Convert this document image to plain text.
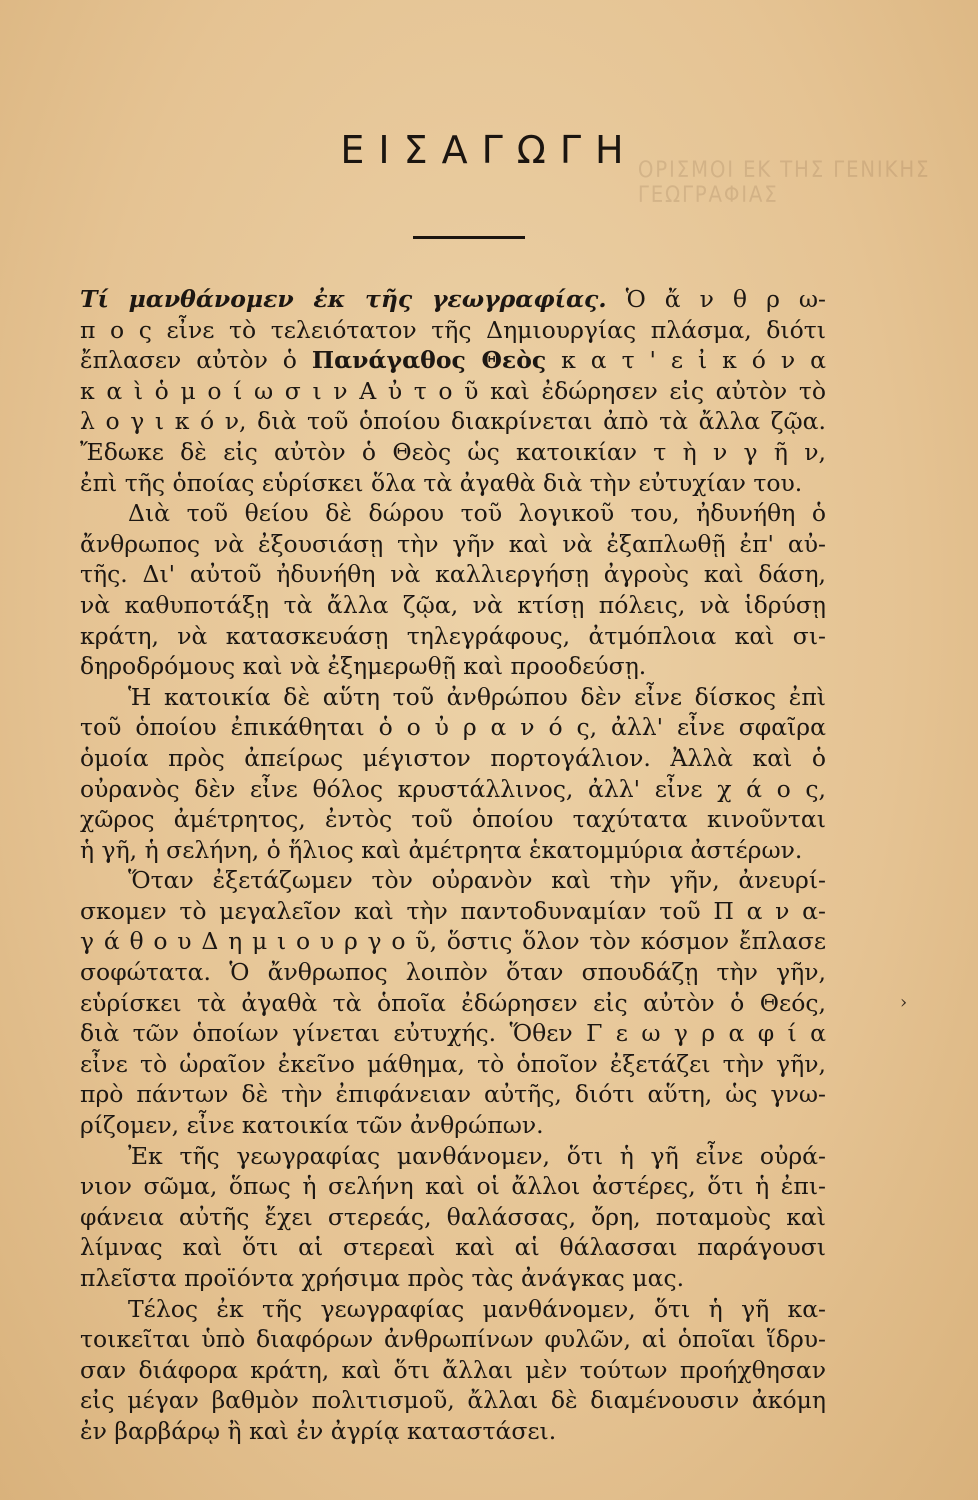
ΟΡΙΣΜΟΙ ΕΚ ΤΗΣ ΓΕΝΙΚΗΣ ΓΕΩΓΡΑΦΙΑΣ
ΕΙΣΑΓΩΓΗ
Τί μανθάνομεν ἐκ τῆς γεωγραφίας. Ὁ ἄ ν θ ρ ω-
π ο ς εἶνε τὸ τελειότατον τῆς Δημιουργίας πλάσμα, διότι
ἔπλασεν αὐτὸν ὁ Πανάγαθος Θεὸς κ α τ ' ε ἰ κ ό ν α
κ α ὶ ὁ μ ο ί ω σ ι ν Α ὐ τ ο ῦ καὶ ἐδώρησεν εἰς αὐτὸν τὸ
λ ο γ ι κ ό ν, διὰ τοῦ ὁποίου διακρίνεται ἀπὸ τὰ ἄλλα ζῷα.
Ἔδωκε δὲ εἰς αὐτὸν ὁ Θεὸς ὡς κατοικίαν τ ὴ ν γ ῆ ν,
ἐπὶ τῆς ὁποίας εὑρίσκει ὅλα τὰ ἀγαθὰ διὰ τὴν εὐτυχίαν του.
Διὰ τοῦ θείου δὲ δώρου τοῦ λογικοῦ του, ἠδυνήθη ὁ
ἄνθρωπος νὰ ἐξουσιάσῃ τὴν γῆν καὶ νὰ ἐξαπλωθῇ ἐπ' αὐ-
τῆς. Δι' αὐτοῦ ἠδυνήθη νὰ καλλιεργήσῃ ἀγροὺς καὶ δάση,
νὰ καθυποτάξῃ τὰ ἄλλα ζῷα, νὰ κτίσῃ πόλεις, νὰ ἱδρύσῃ
κράτη, νὰ κατασκευάσῃ τηλεγράφους, ἀτμόπλοια καὶ σι-
δηροδρόμους καὶ νὰ ἐξημερωθῇ καὶ προοδεύσῃ.
Ἡ κατοικία δὲ αὕτη τοῦ ἀνθρώπου δὲν εἶνε δίσκος ἐπὶ
τοῦ ὁποίου ἐπικάθηται ὁ ο ὐ ρ α ν ό ς, ἀλλ' εἶνε σφαῖρα
ὁμοία πρὸς ἀπείρως μέγιστον πορτογάλιον. Ἀλλὰ καὶ ὁ
οὐρανὸς δὲν εἶνε θόλος κρυστάλλινος, ἀλλ' εἶνε χ ά ο ς,
χῶρος ἀμέτρητος, ἐντὸς τοῦ ὁποίου ταχύτατα κινοῦνται
ἡ γῆ, ἡ σελήνη, ὁ ἥλιος καὶ ἀμέτρητα ἑκατομμύρια ἀστέρων.
Ὅταν ἐξετάζωμεν τὸν οὐρανὸν καὶ τὴν γῆν, ἀνευρί-
σκομεν τὸ μεγαλεῖον καὶ τὴν παντοδυναμίαν τοῦ Π α ν α-
γ ά θ ο υ Δ η μ ι ο υ ρ γ ο ῦ, ὅστις ὅλον τὸν κόσμον ἔπλασε
σοφώτατα. Ὁ ἄνθρωπος λοιπὸν ὅταν σπουδάζῃ τὴν γῆν,
εὑρίσκει τὰ ἀγαθὰ τὰ ὁποῖα ἐδώρησεν εἰς αὐτὸν ὁ Θεός,
διὰ τῶν ὁποίων γίνεται εὐτυχής. Ὅθεν Γ ε ω γ ρ α φ ί α
εἶνε τὸ ὡραῖον ἐκεῖνο μάθημα, τὸ ὁποῖον ἐξετάζει τὴν γῆν,
πρὸ πάντων δὲ τὴν ἐπιφάνειαν αὐτῆς, διότι αὕτη, ὡς γνω-
ρίζομεν, εἶνε κατοικία τῶν ἀνθρώπων.
Ἐκ τῆς γεωγραφίας μανθάνομεν, ὅτι ἡ γῆ εἶνε οὐρά-
νιον σῶμα, ὅπως ἡ σελήνη καὶ οἱ ἄλλοι ἀστέρες, ὅτι ἡ ἐπι-
φάνεια αὐτῆς ἔχει στερεάς, θαλάσσας, ὄρη, ποταμοὺς καὶ
λίμνας καὶ ὅτι αἱ στερεαὶ καὶ αἱ θάλασσαι παράγουσι
πλεῖστα προϊόντα χρήσιμα πρὸς τὰς ἀνάγκας μας.
Τέλος ἐκ τῆς γεωγραφίας μανθάνομεν, ὅτι ἡ γῆ κα-
τοικεῖται ὑπὸ διαφόρων ἀνθρωπίνων φυλῶν, αἱ ὁποῖαι ἵδρυ-
σαν διάφορα κράτη, καὶ ὅτι ἄλλαι μὲν τούτων προήχθησαν
εἰς μέγαν βαθμὸν πολιτισμοῦ, ἄλλαι δὲ διαμένουσιν ἀκόμη
ἐν βαρβάρῳ ἢ καὶ ἐν ἀγρίᾳ καταστάσει.
›
